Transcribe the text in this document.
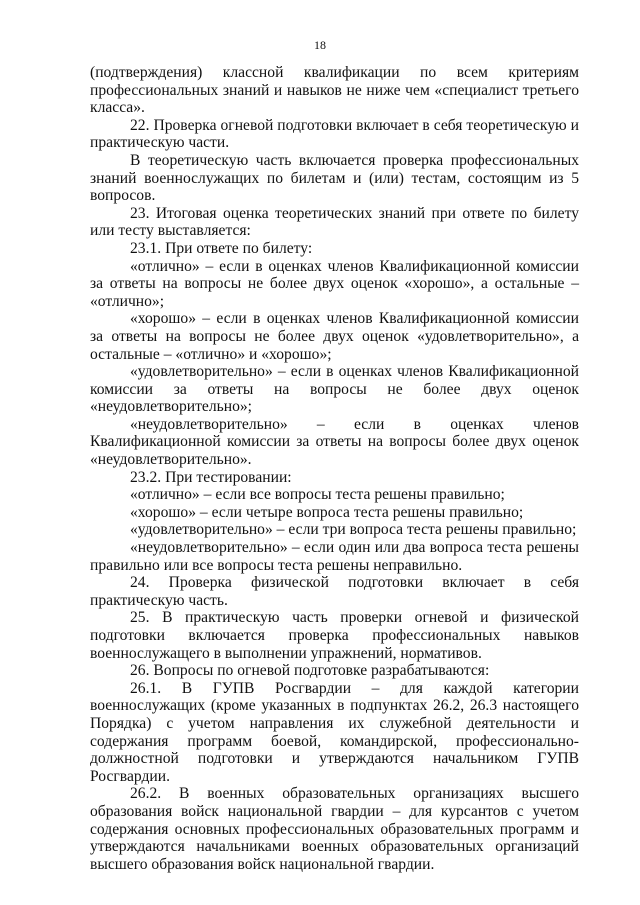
18

(подтверждения) классной квалификации по всем критериям профессиональных знаний и навыков не ниже чем «специалист третьего класса».

22. Проверка огневой подготовки включает в себя теоретическую и практическую части.

В теоретическую часть включается проверка профессиональных знаний военнослужащих по билетам и (или) тестам, состоящим из 5 вопросов.

23. Итоговая оценка теоретических знаний при ответе по билету или тесту выставляется:

23.1. При ответе по билету:

«отлично» – если в оценках членов Квалификационной комиссии за ответы на вопросы не более двух оценок «хорошо», а остальные – «отлично»;

«хорошо» – если в оценках членов Квалификационной комиссии за ответы на вопросы не более двух оценок «удовлетворительно», а остальные – «отлично» и «хорошо»;

«удовлетворительно» – если в оценках членов Квалификационной комиссии за ответы на вопросы не более двух оценок «неудовлетворительно»;

«неудовлетворительно» – если в оценках членов Квалификационной комиссии за ответы на вопросы более двух оценок «неудовлетворительно».

23.2. При тестировании:

«отлично» – если все вопросы теста решены правильно;

«хорошо» – если четыре вопроса теста решены правильно;

«удовлетворительно» – если три вопроса теста решены правильно;

«неудовлетворительно» – если один или два вопроса теста решены правильно или все вопросы теста решены неправильно.

24. Проверка физической подготовки включает в себя практическую часть.

25. В практическую часть проверки огневой и физической подготовки включается проверка профессиональных навыков военнослужащего в выполнении упражнений, нормативов.

26. Вопросы по огневой подготовке разрабатываются:

26.1. В ГУПВ Росгвардии – для каждой категории военнослужащих (кроме указанных в подпунктах 26.2, 26.3 настоящего Порядка) с учетом направления их служебной деятельности и содержания программ боевой, командирской, профессионально-должностной подготовки и утверждаются начальником ГУПВ Росгвардии.

26.2. В военных образовательных организациях высшего образования войск национальной гвардии – для курсантов с учетом содержания основных профессиональных образовательных программ и утверждаются начальниками военных образовательных организаций высшего образования войск национальной гвардии.
